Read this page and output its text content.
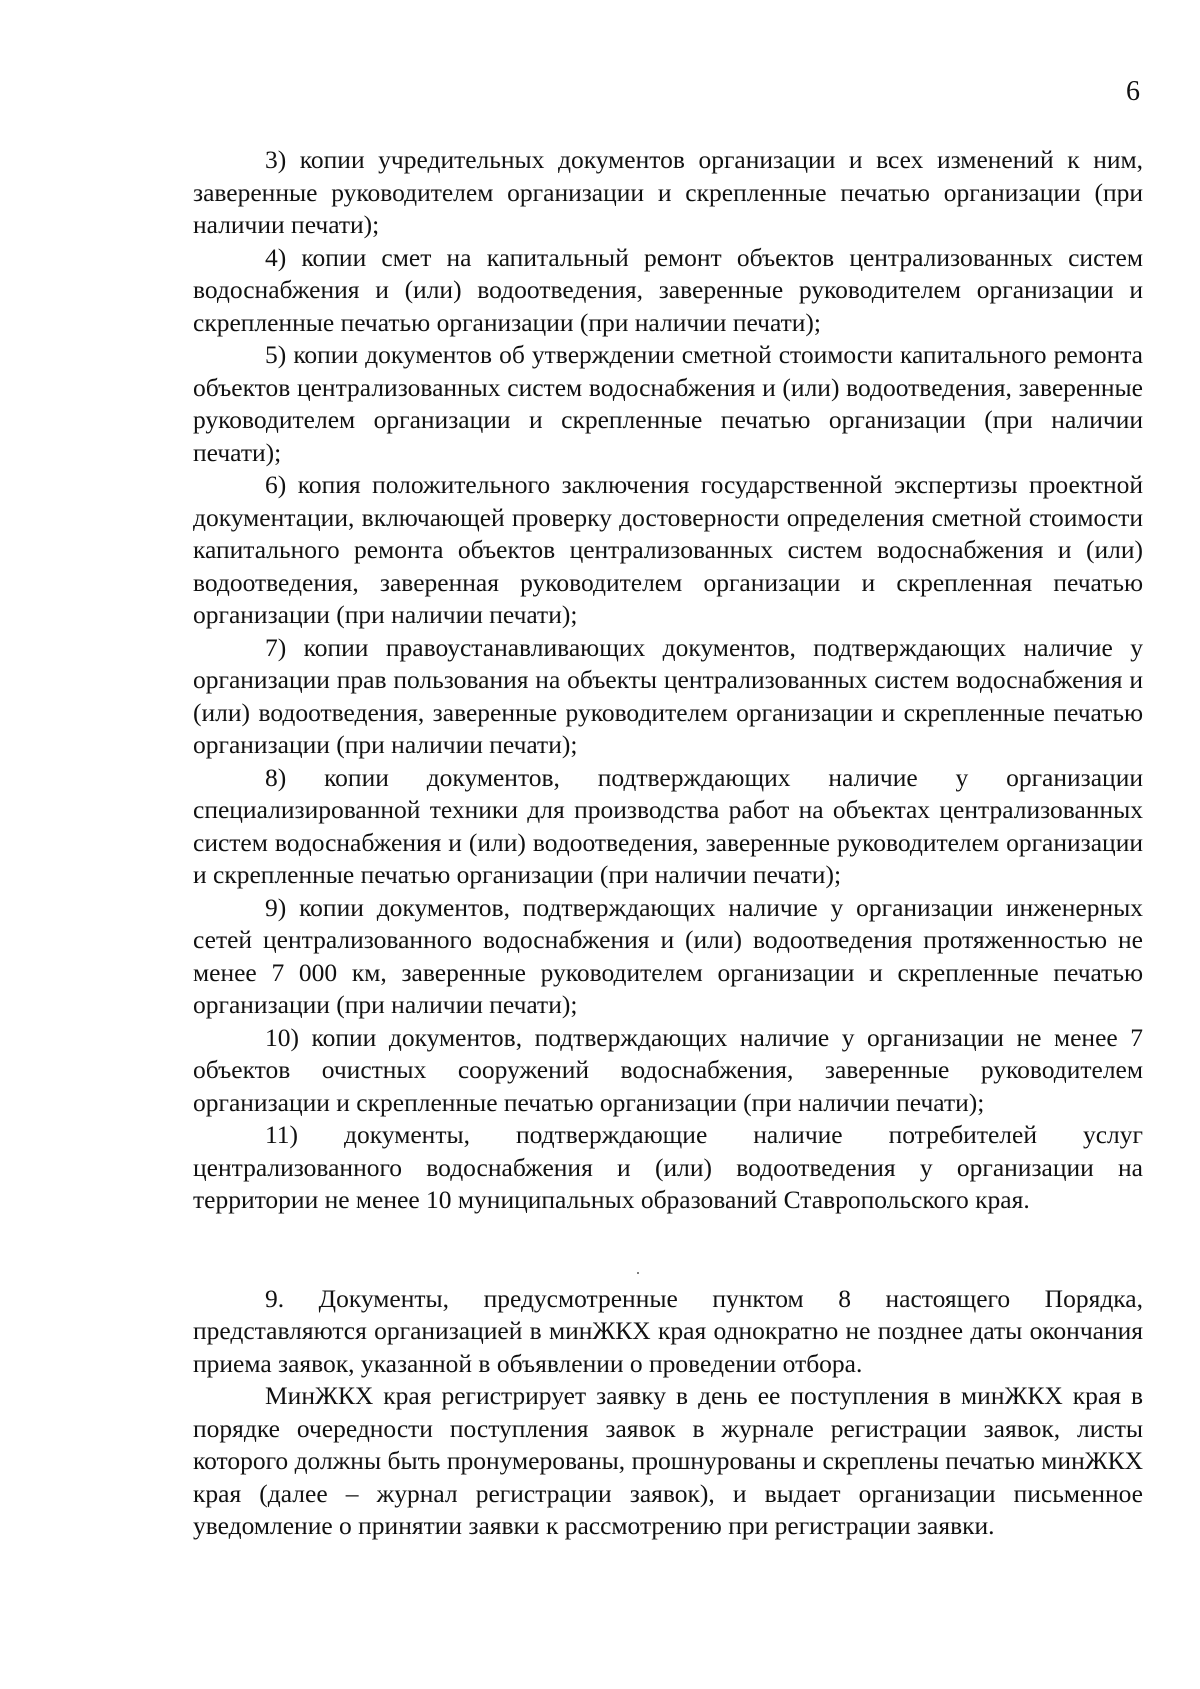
6

3) копии учредительных документов организации и всех изменений к ним, заверенные руководителем организации и скрепленные печатью организации (при наличии печати);

4) копии смет на капитальный ремонт объектов централизованных систем водоснабжения и (или) водоотведения, заверенные руководителем организации и скрепленные печатью организации (при наличии печати);

5) копии документов об утверждении сметной стоимости капитального ремонта объектов централизованных систем водоснабжения и (или) водоотведения, заверенные руководителем организации и скрепленные печатью организации (при наличии печати);

6) копия положительного заключения государственной экспертизы проектной документации, включающей проверку достоверности определения сметной стоимости капитального ремонта объектов централизованных систем водоснабжения и (или) водоотведения, заверенная руководителем организации и скрепленная печатью организации (при наличии печати);

7) копии правоустанавливающих документов, подтверждающих наличие у организации прав пользования на объекты централизованных систем водоснабжения и (или) водоотведения, заверенные руководителем организации и скрепленные печатью организации (при наличии печати);

8) копии документов, подтверждающих наличие у организации специализированной техники для производства работ на объектах централизованных систем водоснабжения и (или) водоотведения, заверенные руководителем организации и скрепленные печатью организации (при наличии печати);

9) копии документов, подтверждающих наличие у организации инженерных сетей централизованного водоснабжения и (или) водоотведения протяженностью не менее 7 000 км, заверенные руководителем организации и скрепленные печатью организации (при наличии печати);

10) копии документов, подтверждающих наличие у организации не менее 7 объектов очистных сооружений водоснабжения, заверенные руководителем организации и скрепленные печатью организации (при наличии печати);

11) документы, подтверждающие наличие потребителей услуг централизованного водоснабжения и (или) водоотведения у организации на территории не менее 10 муниципальных образований Ставропольского края.

9. Документы, предусмотренные пунктом 8 настоящего Порядка, представляются организацией в минЖКХ края однократно не позднее даты окончания приема заявок, указанной в объявлении о проведении отбора.

МинЖКХ края регистрирует заявку в день ее поступления в минЖКХ края в порядке очередности поступления заявок в журнале регистрации заявок, листы которого должны быть пронумерованы, прошнурованы и скреплены печатью минЖКХ края (далее – журнал регистрации заявок), и выдает организации письменное уведомление о принятии заявки к рассмотрению при регистрации заявки.
